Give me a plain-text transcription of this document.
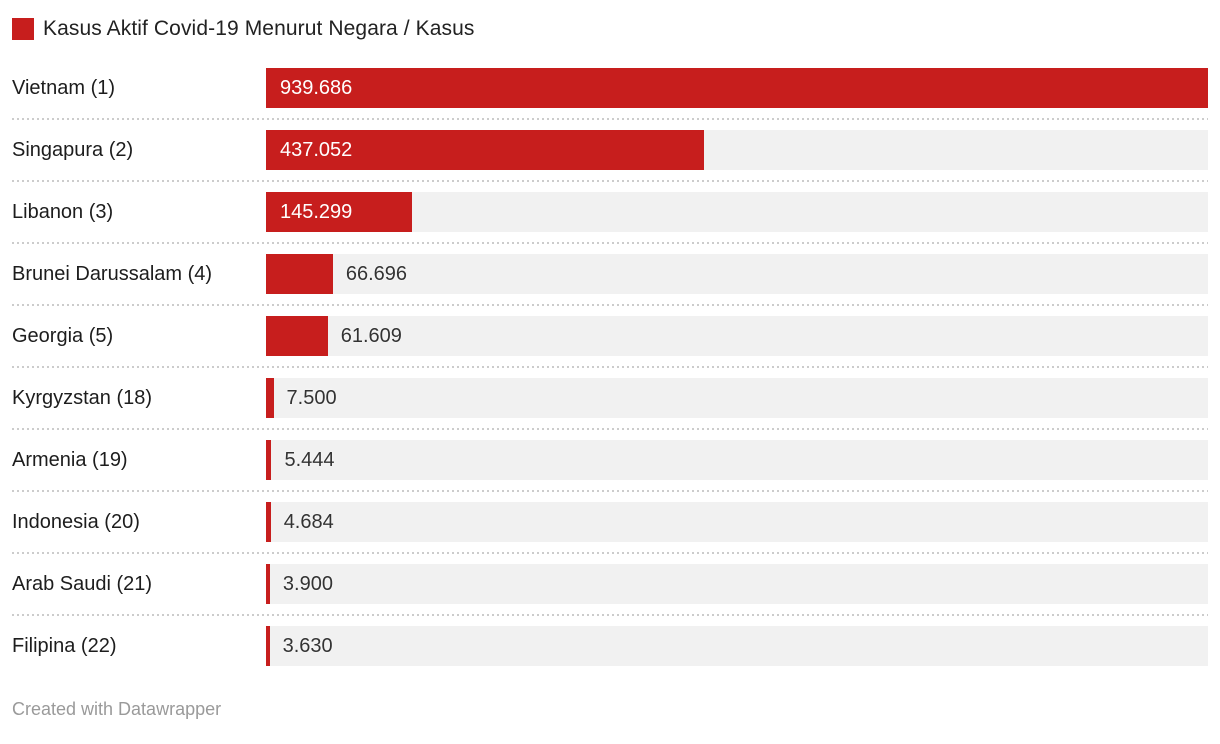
Kasus Aktif Covid-19 Menurut Negara / Kasus
Vietnam (1)	939.686
Singapura (2)	437.052
Libanon (3)	145.299
Brunei Darussalam (4)	66.696
Georgia (5)	61.609
Kyrgyzstan (18)	7.500
Armenia (19)	5.444
Indonesia (20)	4.684
Arab Saudi (21)	3.900
Filipina (22)	3.630
Created with Datawrapper
